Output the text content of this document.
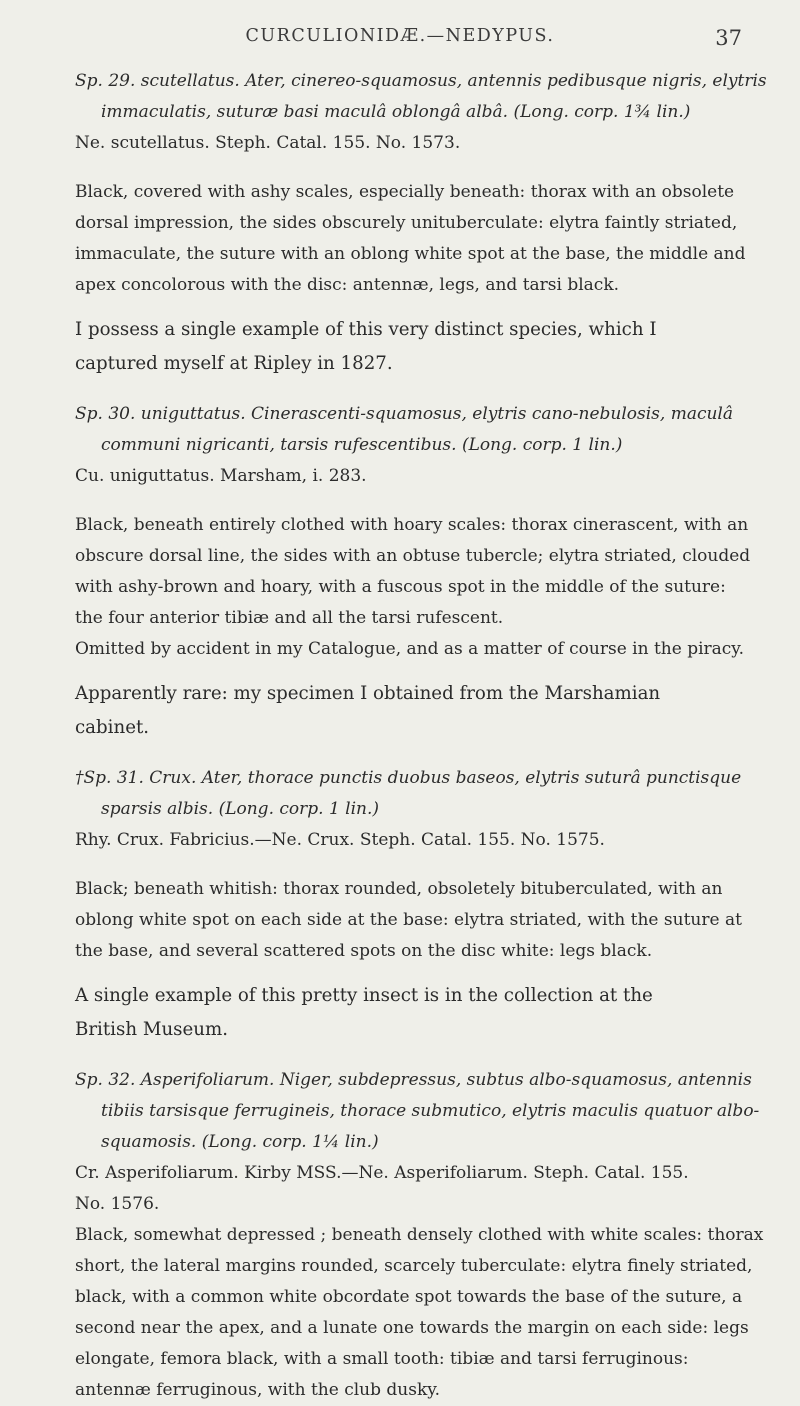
CURCULIONIDÆ.—NEDYPUS.	37
Sp. 29. scutellatus. Ater, cinereo-squamosus, antennis pedibusque nigris, elytris
immaculatis, suturæ basi maculâ oblongâ albâ. (Long. corp. 1¾ lin.)
Ne. scutellatus. Steph. Catal. 155. No. 1573.
Black, covered with ashy scales, especially beneath: thorax with an obsolete
dorsal impression, the sides obscurely unituberculate: elytra faintly striated,
immaculate, the suture with an oblong white spot at the base, the middle and
apex concolorous with the disc: antennæ, legs, and tarsi black.
I possess a single example of this very distinct species, which I
captured myself at Ripley in 1827.
Sp. 30. uniguttatus. Cinerascenti-squamosus, elytris cano-nebulosis, maculâ
communi nigricanti, tarsis rufescentibus. (Long. corp. 1 lin.)
Cu. uniguttatus. Marsham, i. 283.
Black, beneath entirely clothed with hoary scales: thorax cinerascent, with an
obscure dorsal line, the sides with an obtuse tubercle; elytra striated, clouded
with ashy-brown and hoary, with a fuscous spot in the middle of the suture:
the four anterior tibiæ and all the tarsi rufescent.
Omitted by accident in my Catalogue, and as a matter of course in the piracy.
Apparently rare: my specimen I obtained from the Marshamian
cabinet.
†Sp. 31. Crux. Ater, thorace punctis duobus baseos, elytris suturâ punctisque
sparsis albis. (Long. corp. 1 lin.)
Rhy. Crux. Fabricius.—Ne. Crux. Steph. Catal. 155. No. 1575.
Black; beneath whitish: thorax rounded, obsoletely bituberculated, with an
oblong white spot on each side at the base: elytra striated, with the suture at
the base, and several scattered spots on the disc white: legs black.
A single example of this pretty insect is in the collection at the
British Museum.
Sp. 32. Asperifoliarum. Niger, subdepressus, subtus albo-squamosus, antennis
tibiis tarsisque ferrugineis, thorace submutico, elytris maculis quatuor albo-
squamosis. (Long. corp. 1¼ lin.)
Cr. Asperifoliarum. Kirby MSS.—Ne. Asperifoliarum. Steph. Catal. 155.
No. 1576.
Black, somewhat depressed ; beneath densely clothed with white scales: thorax
short, the lateral margins rounded, scarcely tuberculate: elytra finely striated,
black, with a common white obcordate spot towards the base of the suture, a
second near the apex, and a lunate one towards the margin on each side: legs
elongate, femora black, with a small tooth: tibiæ and tarsi ferruginous:
antennæ ferruginous, with the club dusky.
